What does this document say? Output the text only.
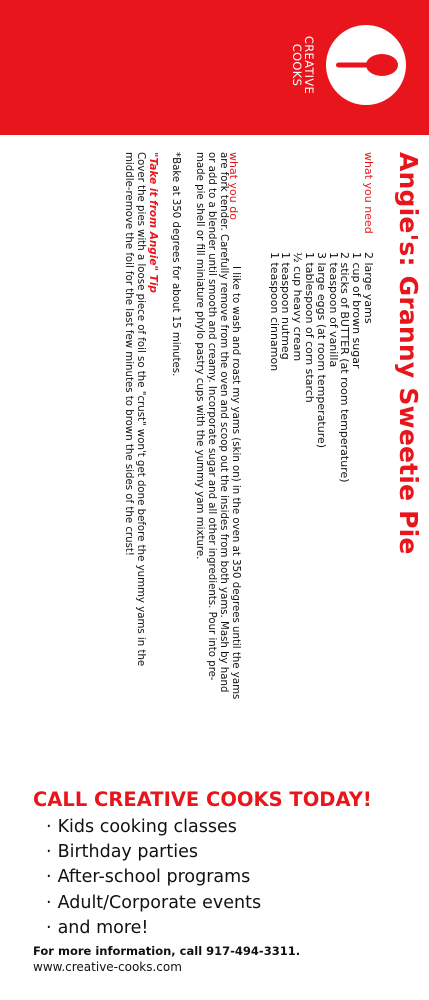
CREATIVE
COOKS
Angie's: Granny Sweetie Pie
what you need
2 large yams
1 cup of brown sugar
2 sticks of BUTTER (at room temperature)
1 teaspoon of vanilla
3 large eggs (at room temperature)
1 tablespoon of corn starch
½ cup heavy cream
1 teaspoon nutmeg
1 teaspoon cinnamon
what you do

I like to wash and roast my yams (skin on) in the oven at 350 degrees until the yams are fork tender. Carefully remove from the oven and scoop out the insides from both yams. Mash by hand or add to a blender until smooth and creamy. Incorporate sugar and all other ingredients. Pour into pre-made pie shell or fill miniature phylo pastry cups with the yummy yam mixture.

*Bake at 350 degrees for about 15 minutes.
"Take it from Angie" Tip

Cover the pies with a loose piece of foil so the "crust" won't get done before the yummy yams in the middle-remove the foil for the last few minutes to brown the sides of the crust!

CALL CREATIVE COOKS TODAY!
· Kids cooking classes
· Birthday parties
· After-school programs
· Adult/Corporate events
· and more!
For more information, call 917-494-3311.
www.creative-cooks.com
